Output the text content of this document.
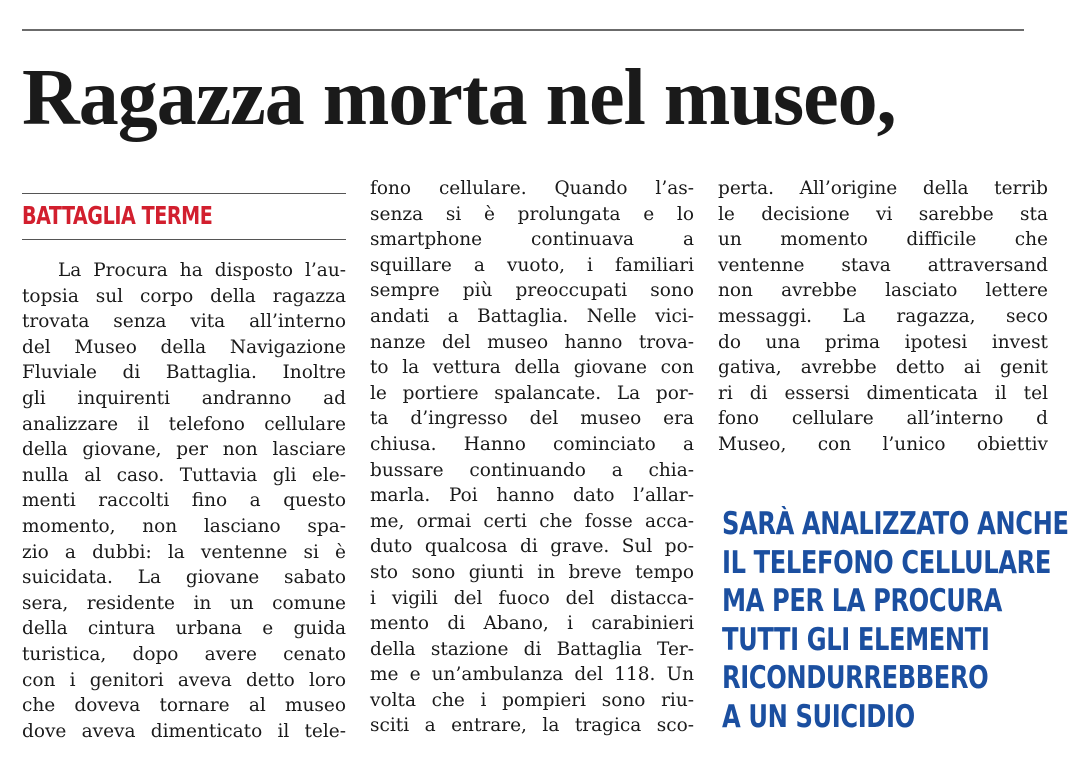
Ragazza morta nel museo,
BATTAGLIA TERME
La Procura ha disposto l’au-
topsia sul corpo della ragazza
trovata senza vita all’interno
del Museo della Navigazione
Fluviale di Battaglia. Inoltre
gli inquirenti andranno ad
analizzare il telefono cellulare
della giovane, per non lasciare
nulla al caso. Tuttavia gli ele-
menti raccolti fino a questo
momento, non lasciano spa-
zio a dubbi: la ventenne si è
suicidata. La giovane sabato
sera, residente in un comune
della cintura urbana e guida
turistica, dopo avere cenato
con i genitori aveva detto loro
che doveva tornare al museo
dove aveva dimenticato il tele-
fono cellulare. Quando l’as-
senza si è prolungata e lo
smartphone continuava a
squillare a vuoto, i familiari
sempre più preoccupati sono
andati a Battaglia. Nelle vici-
nanze del museo hanno trova-
to la vettura della giovane con
le portiere spalancate. La por-
ta d’ingresso del museo era
chiusa. Hanno cominciato a
bussare continuando a chia-
marla. Poi hanno dato l’allar-
me, ormai certi che fosse acca-
duto qualcosa di grave. Sul po-
sto sono giunti in breve tempo
i vigili del fuoco del distacca-
mento di Abano, i carabinieri
della stazione di Battaglia Ter-
me e un’ambulanza del 118. Un
volta che i pompieri sono riu-
sciti a entrare, la tragica sco-
perta. All’origine della terrib
le decisione vi sarebbe sta
un momento difficile che
ventenne stava attraversand
non avrebbe lasciato lettere
messaggi. La ragazza, seco
do una prima ipotesi invest
gativa, avrebbe detto ai genit
ri di essersi dimenticata il tel
fono cellulare all’interno d
Museo, con l’unico obiettiv
SARÀ ANALIZZATO ANCHE
IL TELEFONO CELLULARE
MA PER LA PROCURA
TUTTI GLI ELEMENTI
RICONDURREBBERO
A UN SUICIDIO
